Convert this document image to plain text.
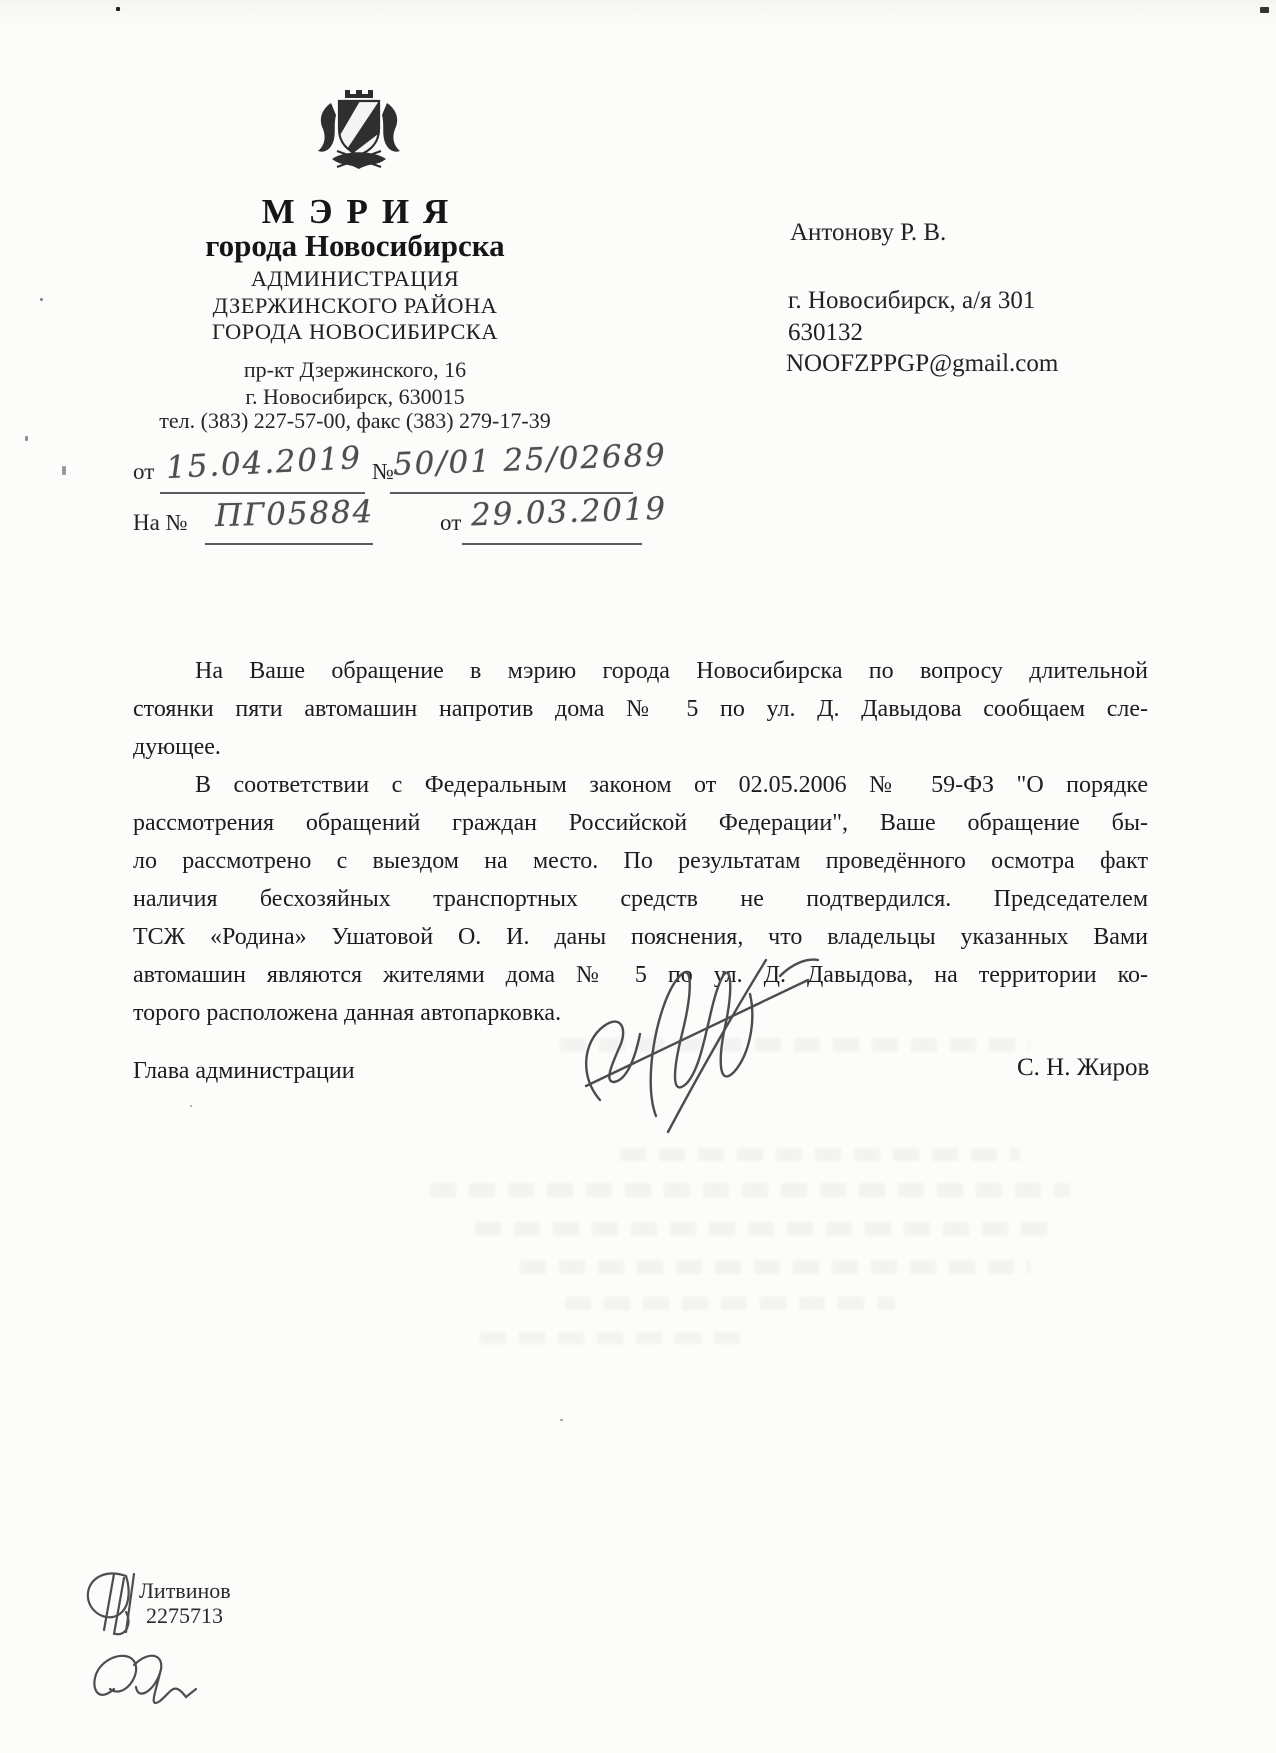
МЭРИЯ
города Новосибирска
АДМИНИСТРАЦИЯ
ДЗЕРЖИНСКОГО РАЙОНА
ГОРОДА НОВОСИБИРСКА
пр-кт Дзержинского, 16
г. Новосибирск, 630015
тел. (383) 227-57-00, факс (383) 279-17-39
от 15.04.2019 №
50/01 25/02689
На № ПГ05884	от 29.03.2019
Антонову Р. В.
г. Новосибирск, а/я 301
630132
NOOFZPPGP@gmail.com
На Ваше обращение в мэрию города Новосибирска по вопросу длительной
стоянки пяти автомашин напротив дома № 5 по ул. Д. Давыдова сообщаем сле-
дующее.
В соответствии с Федеральным законом от 02.05.2006 № 59-ФЗ "О порядке
рассмотрения обращений граждан Российской Федерации", Ваше обращение бы-
ло рассмотрено с выездом на место. По результатам проведённого осмотра факт
наличия бесхозяйных транспортных средств не подтвердился. Председателем
ТСЖ «Родина» Ушатовой О. И. даны пояснения, что владельцы указанных Вами
автомашин являются жителями дома № 5 по ул. Д. Давыдова, на территории ко-
торого расположена данная автопарковка.
Глава администрации	С. Н. Жиров
Литвинов
2275713
